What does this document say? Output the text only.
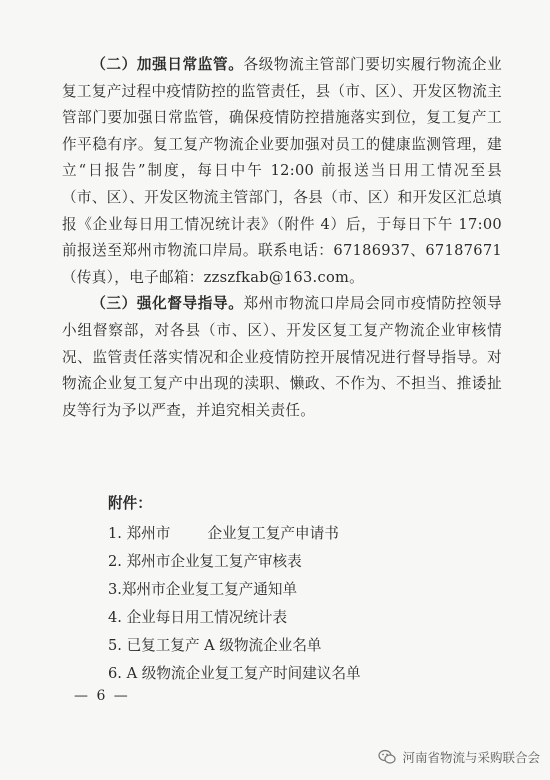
（二）加强日常监管。各级物流主管部门要切实履行物流企业复工复产过程中疫情防控的监管责任，县（市、区）、开发区物流主管部门要加强日常监管，确保疫情防控措施落实到位，复工复产工作平稳有序。复工复产物流企业要加强对员工的健康监测管理，建立“日报告”制度，每日中午 12:00 前报送当日用工情况至县（市、区）、开发区物流主管部门，各县（市、区）和开发区汇总填报《企业每日用工情况统计表》（附件 4）后，于每日下午 17:00 前报送至郑州市物流口岸局。联系电话：67186937、67187671（传真），电子邮箱：zzszfkab@163.com。

（三）强化督导指导。郑州市物流口岸局会同市疫情防控领导小组督察部，对各县（市、区）、开发区复工复产物流企业审核情况、监管责任落实情况和企业疫情防控开展情况进行督导指导。对物流企业复工复产中出现的渎职、懒政、不作为、不担当、推诿扯皮等行为予以严查，并追究相关责任。

附件：
1. 郑州市        企业复工复产申请书
2. 郑州市企业复工复产审核表
3.郑州市企业复工复产通知单
4. 企业每日用工情况统计表
5. 已复工复产 A 级物流企业名单
6. A 级物流企业复工复产时间建议名单
— 6 —
河南省物流与采购联合会
